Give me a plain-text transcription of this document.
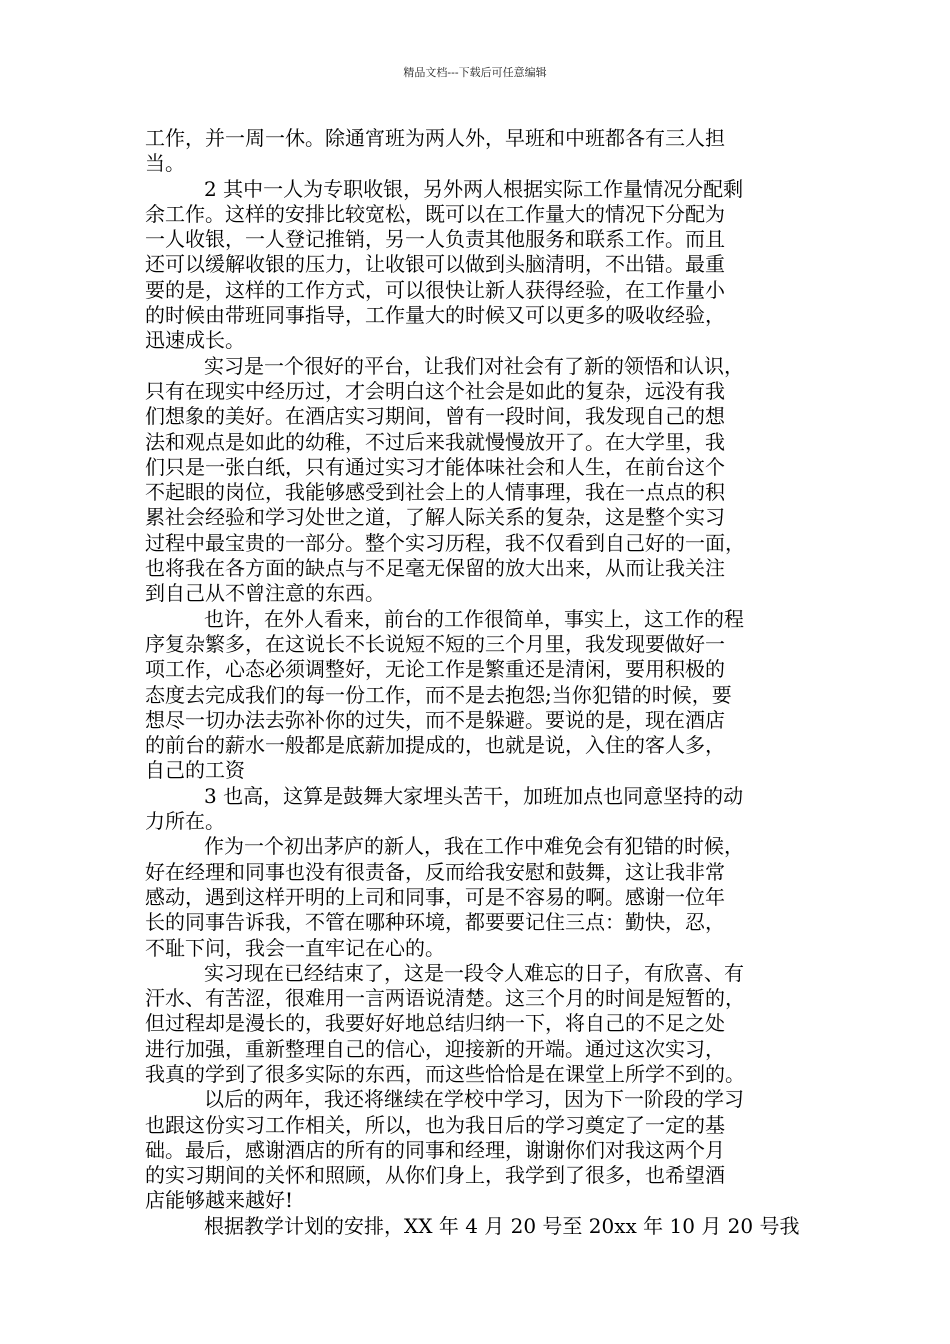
精品文档---下载后可任意编辑
工作，并一周一休。除通宵班为两人外，早班和中班都各有三人担
当。
2 其中一人为专职收银，另外两人根据实际工作量情况分配剩
余工作。这样的安排比较宽松，既可以在工作量大的情况下分配为
一人收银，一人登记推销，另一人负责其他服务和联系工作。而且
还可以缓解收银的压力，让收银可以做到头脑清明，不出错。最重
要的是，这样的工作方式，可以很快让新人获得经验，在工作量小
的时候由带班同事指导，工作量大的时候又可以更多的吸收经验，
迅速成长。
实习是一个很好的平台，让我们对社会有了新的领悟和认识，
只有在现实中经历过，才会明白这个社会是如此的复杂，远没有我
们想象的美好。在酒店实习期间，曾有一段时间，我发现自己的想
法和观点是如此的幼稚，不过后来我就慢慢放开了。在大学里，我
们只是一张白纸，只有通过实习才能体味社会和人生，在前台这个
不起眼的岗位，我能够感受到社会上的人情事理，我在一点点的积
累社会经验和学习处世之道，了解人际关系的复杂，这是整个实习
过程中最宝贵的一部分。整个实习历程，我不仅看到自己好的一面，
也将我在各方面的缺点与不足毫无保留的放大出来，从而让我关注
到自己从不曾注意的东西。
也许，在外人看来，前台的工作很简单，事实上，这工作的程
序复杂繁多，在这说长不长说短不短的三个月里，我发现要做好一
项工作，心态必须调整好，无论工作是繁重还是清闲，要用积极的
态度去完成我们的每一份工作，而不是去抱怨;当你犯错的时候，要
想尽一切办法去弥补你的过失，而不是躲避。要说的是，现在酒店
的前台的薪水一般都是底薪加提成的，也就是说，入住的客人多，
自己的工资
3 也高，这算是鼓舞大家埋头苦干，加班加点也同意坚持的动
力所在。
作为一个初出茅庐的新人，我在工作中难免会有犯错的时候，
好在经理和同事也没有很责备，反而给我安慰和鼓舞，这让我非常
感动，遇到这样开明的上司和同事，可是不容易的啊。感谢一位年
长的同事告诉我，不管在哪种环境，都要要记住三点：勤快，忍，
不耻下问，我会一直牢记在心的。
实习现在已经结束了，这是一段令人难忘的日子，有欣喜、有
汗水、有苦涩，很难用一言两语说清楚。这三个月的时间是短暂的，
但过程却是漫长的，我要好好地总结归纳一下，将自己的不足之处
进行加强，重新整理自己的信心，迎接新的开端。通过这次实习，
我真的学到了很多实际的东西，而这些恰恰是在课堂上所学不到的。
以后的两年，我还将继续在学校中学习，因为下一阶段的学习
也跟这份实习工作相关，所以，也为我日后的学习奠定了一定的基
础。最后，感谢酒店的所有的同事和经理，谢谢你们对我这两个月
的实习期间的关怀和照顾，从你们身上，我学到了很多，也希望酒
店能够越来越好!
根据教学计划的安排，XX 年 4 月 20 号至 20xx 年 10 月 20 号我
